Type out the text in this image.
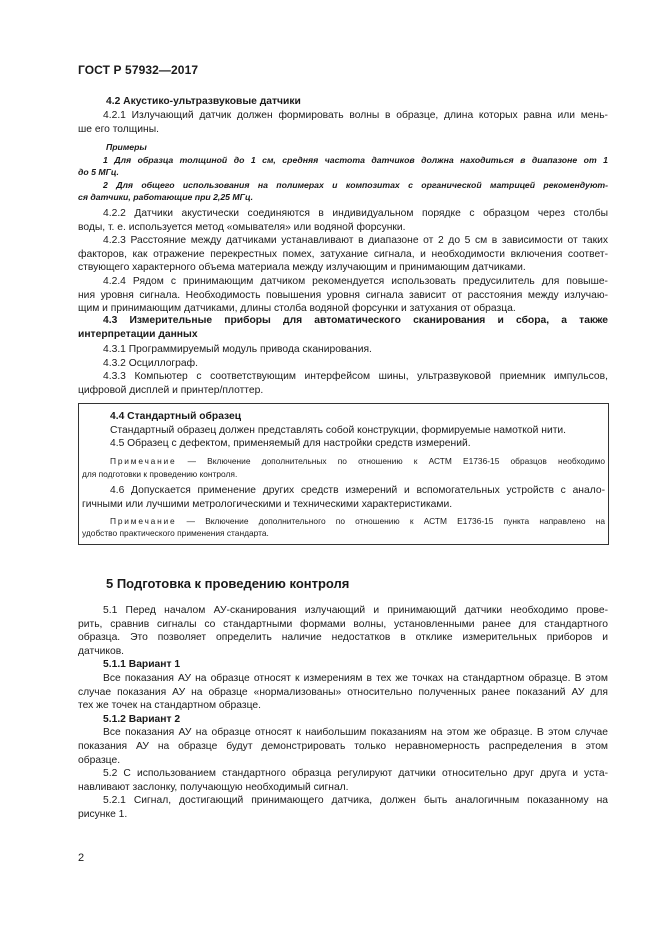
ГОСТ Р 57932—2017
4.2 Акустико-ультразвуковые датчики

4.2.1 Излучающий датчик должен формировать волны в образце, длина которых равна или мень-

ше его толщины.

Примеры

1 Для образца толщиной до 1 см, средняя частота датчиков должна находиться в диапазоне от 1

до 5 МГц.

2 Для общего использования на полимерах и композитах с органической матрицей рекомендуют-

ся датчики, работающие при 2,25 МГц.

4.2.2 Датчики акустически соединяются в индивидуальном порядке с образцом через столбы

воды, т. е. используется метод «омывателя» или водяной форсунки.

4.2.3 Расстояние между датчиками устанавливают в диапазоне от 2 до 5 см в зависимости от таких

факторов, как отражение перекрестных помех, затухание сигнала, и необходимости включения соответ-

ствующего характерного объема материала между излучающим и принимающим датчиками.

4.2.4 Рядом с принимающим датчиком рекомендуется использовать предусилитель для повыше-

ния уровня сигнала. Необходимость повышения уровня сигнала зависит от расстояния между излучаю-

щим и принимающим датчиками, длины столба водяной форсунки и затухания от образца.

4.3 Измерительные приборы для автоматического сканирования и сбора, а также

интерпретации данных

4.3.1 Программируемый модуль привода сканирования.

4.3.2 Осциллограф.

4.3.3 Компьютер с соответствующим интерфейсом шины, ультразвуковой приемник импульсов,

цифровой дисплей и принтер/плоттер.

4.4 Стандартный образец

Стандартный образец должен представлять собой конструкции, формируемые намоткой нити.

4.5 Образец с дефектом, применяемый для настройки средств измерений.

Примечание — Включение дополнительных по отношению к АСТМ Е1736-15 образцов необходимо

для подготовки к проведению контроля.

4.6 Допускается применение других средств измерений и вспомогательных устройств с анало-

гичными или лучшими метрологическими и техническими характеристиками.

Примечание — Включение дополнительного по отношению к АСТМ Е1736-15 пункта направлено на

удобство практического применения стандарта.

5 Подготовка к проведению контроля

5.1 Перед началом АУ-сканирования излучающий и принимающий датчики необходимо прове-

рить, сравнив сигналы со стандартными формами волны, установленными ранее для стандартного

образца. Это позволяет определить наличие недостатков в отклике измерительных приборов и

датчиков.

5.1.1 Вариант 1

Все показания АУ на образце относят к измерениям в тех же точках на стандартном образце. В этом

случае показания АУ на образце «нормализованы» относительно полученных ранее показаний АУ для

тех же точек на стандартном образце.

5.1.2 Вариант 2

Все показания АУ на образце относят к наибольшим показаниям на этом же образце. В этом случае

показания АУ на образце будут демонстрировать только неравномерность распределения в этом

образце.

5.2 С использованием стандартного образца регулируют датчики относительно друг друга и уста-

навливают заслонку, получающую необходимый сигнал.

5.2.1 Сигнал, достигающий принимающего датчика, должен быть аналогичным показанному на

рисунке 1.

2
